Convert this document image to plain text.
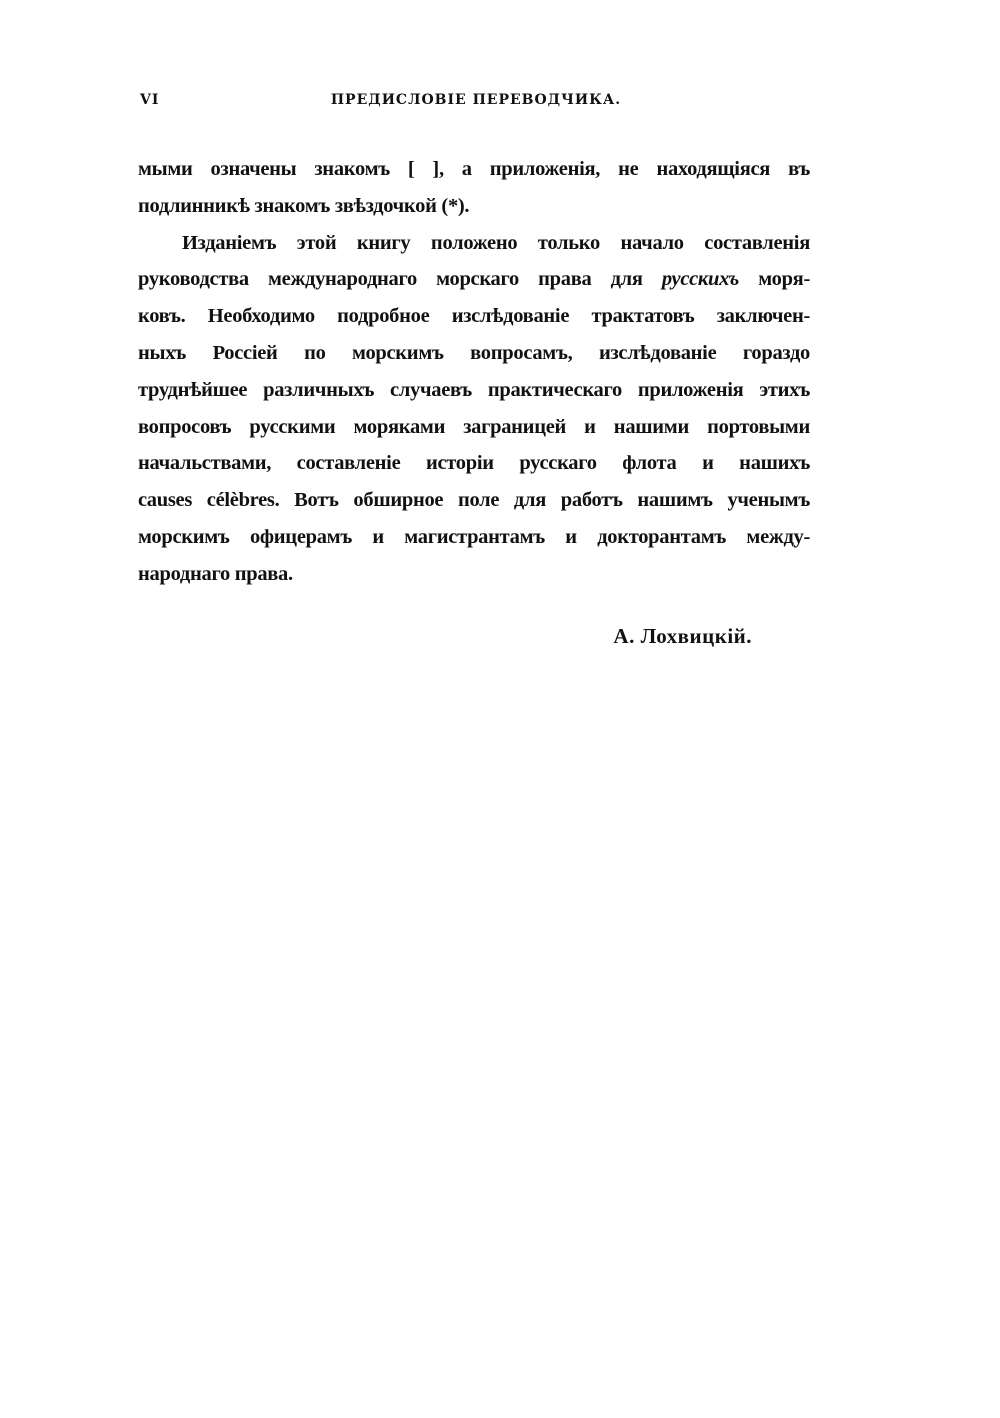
VI	ПРЕДИСЛОВІЕ ПЕРЕВОДЧИКА.
мыми означены знакомъ [ ], а приложенія, не находящіяся въ
подлинникѣ знакомъ звѣздочкой (*).
Изданіемъ этой книгу положено только начало составленія
руководства международнаго морскаго права для русскихъ моря-
ковъ. Необходимо подробное изслѣдованіе трактатовъ заключен-
ныхъ Россіей по морскимъ вопросамъ, изслѣдованіе гораздо
труднѣйшее различныхъ случаевъ практическаго приложенія этихъ
вопросовъ русскими моряками заграницей и нашими портовыми
начальствами, составленіе исторіи русскаго флота и нашихъ
causes célèbres. Вотъ обширное поле для работъ нашимъ ученымъ
морскимъ офицерамъ и магистрантамъ и докторантамъ между-
народнаго права.
А. Лохвицкій.
